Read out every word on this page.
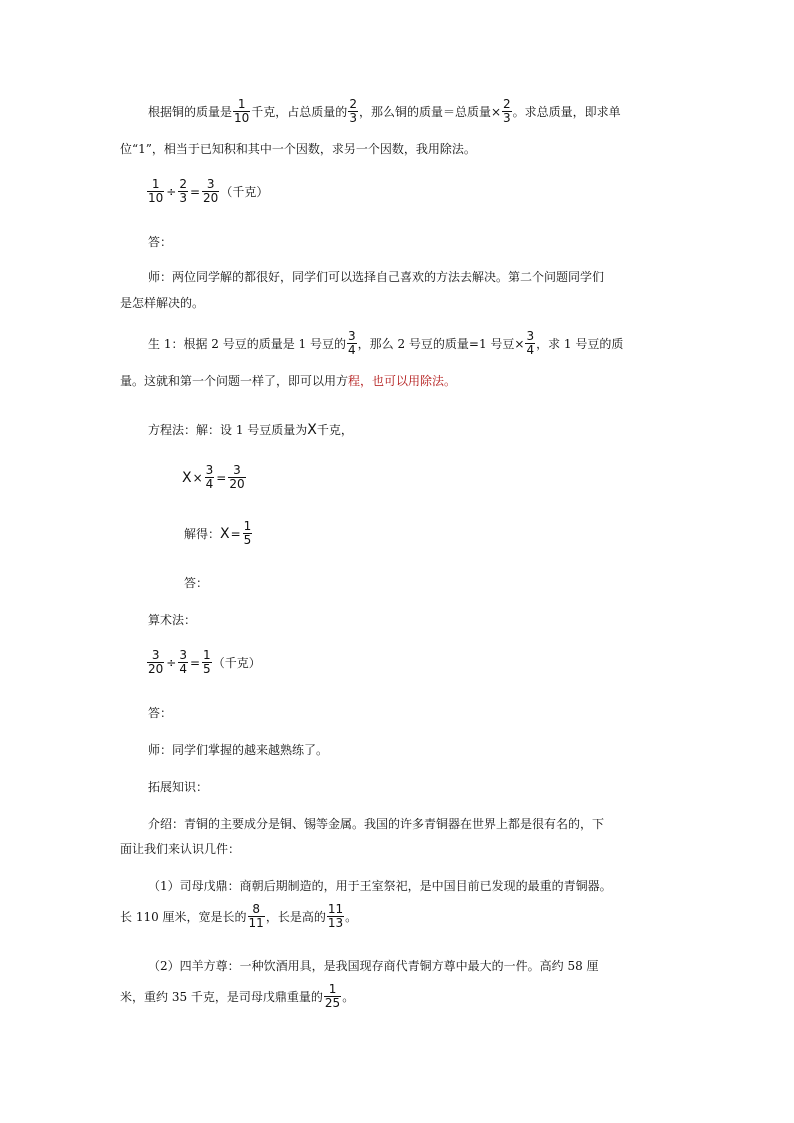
根据铜的质量是 $\frac{1}{10}$ 千克，占总质量的 $\frac{2}{3}$ ，那么铜的质量＝总质量× $\frac{2}{3}$ 。求总质量，即求单
位“1”，相当于已知积和其中一个因数，求另一个因数，我用除法。
$\frac{1}{10} \div \frac{2}{3} = \frac{3}{20}$ （千克）
答：
师：两位同学解的都很好，同学们可以选择自己喜欢的方法去解决。第二个问题同学们
是怎样解决的。
生 1：根据 2 号豆的质量是 1 号豆的 $\frac{3}{4}$ ，那么 2 号豆的质量=1 号豆× $\frac{3}{4}$ ，求 1 号豆的质
量。这就和第一个问题一样了，即可以用方 程，也可以用除法。
方程法：解：设 1 号豆质量为 X 千克，
$X \times \frac{3}{4} = \frac{3}{20}$
解得： $X = \frac{1}{5}$
答：
算术法：
$\frac{3}{20} \div \frac{3}{4} = \frac{1}{5}$ （千克）
答：
师：同学们掌握的越来越熟练了。
拓展知识：
介绍：青铜的主要成分是铜、锡等金属。我国的许多青铜器在世界上都是很有名的，下
面让我们来认识几件：
（1）司母戊鼎：商朝后期制造的，用于王室祭祀，是中国目前已发现的最重的青铜器。
长 110 厘米，宽是长的 $\frac{8}{11}$ ，长是高的 $\frac{11}{13}$ 。
（2）四羊方尊：一种饮酒用具，是我国现存商代青铜方尊中最大的一件。高约 58 厘
米，重约 35 千克，是司母戊鼎重量的 $\frac{1}{25}$ 。
